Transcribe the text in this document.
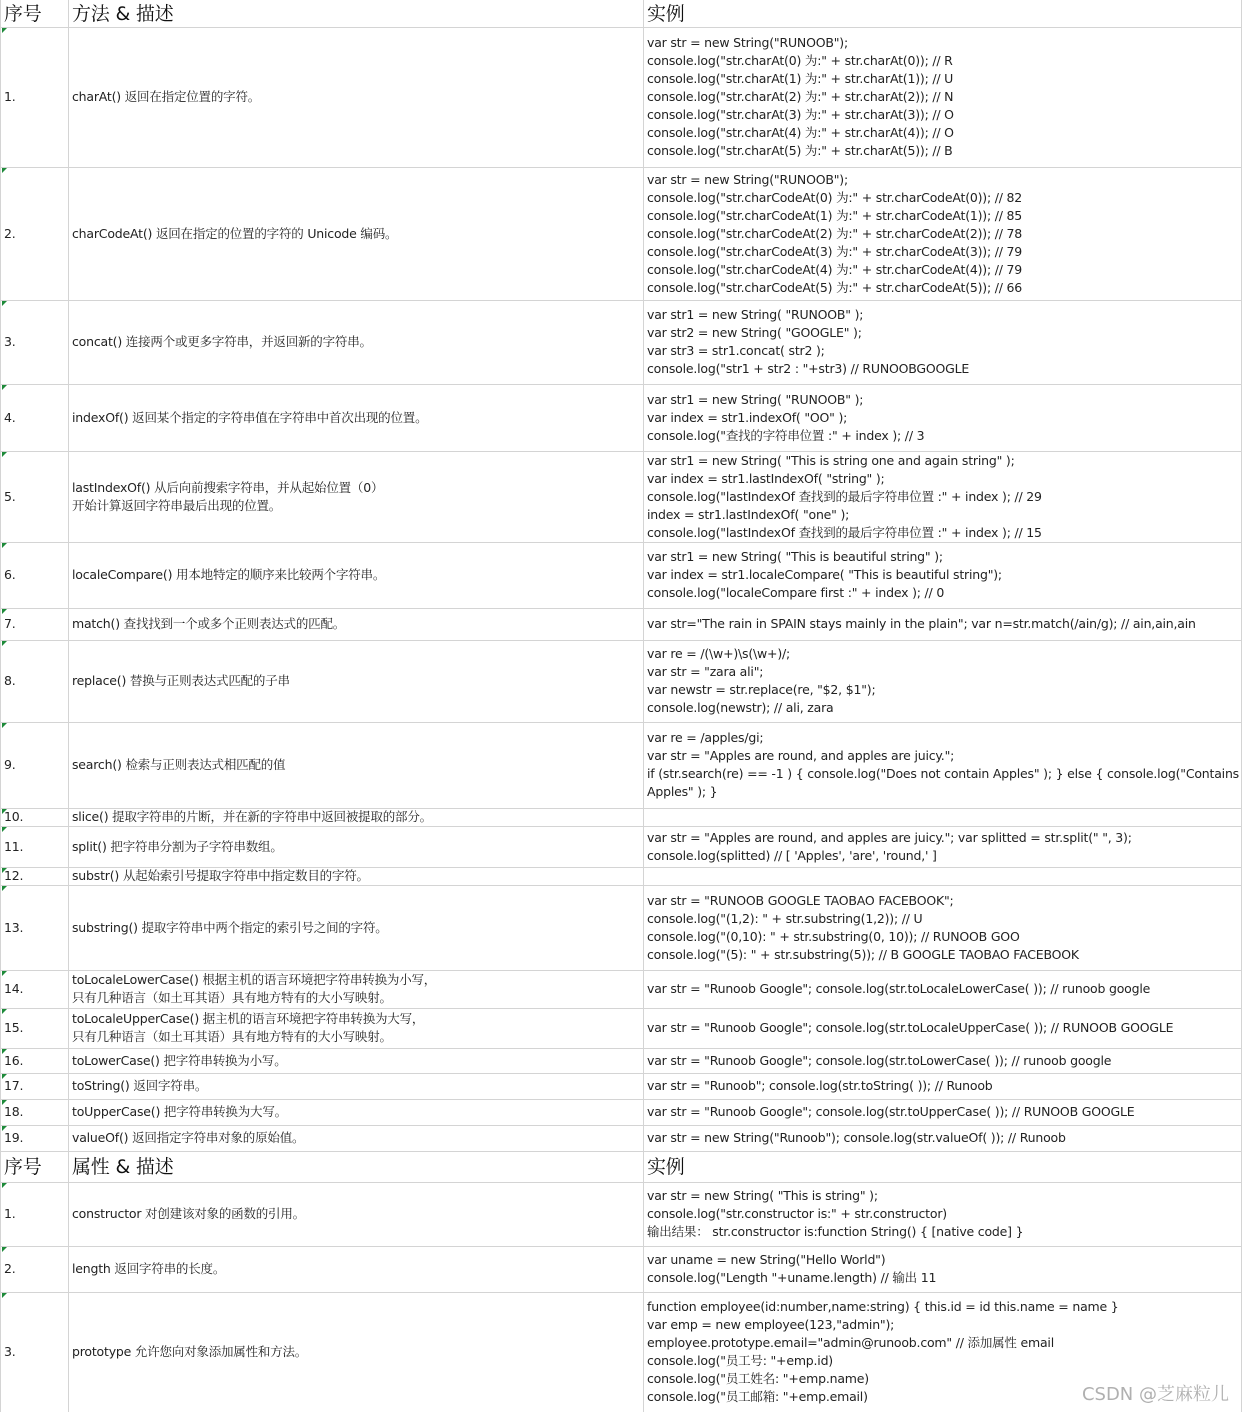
序号	方法 & 描述	实例
1.	charAt() 返回在指定位置的字符。
var str = new String("RUNOOB");
console.log("str.charAt(0) 为:" + str.charAt(0)); // R
console.log("str.charAt(1) 为:" + str.charAt(1)); // U
console.log("str.charAt(2) 为:" + str.charAt(2)); // N
console.log("str.charAt(3) 为:" + str.charAt(3)); // O
console.log("str.charAt(4) 为:" + str.charAt(4)); // O
console.log("str.charAt(5) 为:" + str.charAt(5)); // B
2.	charCodeAt() 返回在指定的位置的字符的 Unicode 编码。
var str = new String("RUNOOB");
console.log("str.charCodeAt(0) 为:" + str.charCodeAt(0)); // 82
console.log("str.charCodeAt(1) 为:" + str.charCodeAt(1)); // 85
console.log("str.charCodeAt(2) 为:" + str.charCodeAt(2)); // 78
console.log("str.charCodeAt(3) 为:" + str.charCodeAt(3)); // 79
console.log("str.charCodeAt(4) 为:" + str.charCodeAt(4)); // 79
console.log("str.charCodeAt(5) 为:" + str.charCodeAt(5)); // 66
3.	concat() 连接两个或更多字符串，并返回新的字符串。
var str1 = new String( "RUNOOB" );
var str2 = new String( "GOOGLE" );
var str3 = str1.concat( str2 );
console.log("str1 + str2 : "+str3) // RUNOOBGOOGLE
4.	indexOf() 返回某个指定的字符串值在字符串中首次出现的位置。
var str1 = new String( "RUNOOB" );
var index = str1.indexOf( "OO" );
console.log("查找的字符串位置 :" + index ); // 3
5.
lastIndexOf() 从后向前搜索字符串，并从起始位置（0）
开始计算返回字符串最后出现的位置。
var str1 = new String( "This is string one and again string" );
var index = str1.lastIndexOf( "string" );
console.log("lastIndexOf 查找到的最后字符串位置 :" + index ); // 29
index = str1.lastIndexOf( "one" );
console.log("lastIndexOf 查找到的最后字符串位置 :" + index ); // 15
6.	localeCompare() 用本地特定的顺序来比较两个字符串。
var str1 = new String( "This is beautiful string" );
var index = str1.localeCompare( "This is beautiful string");
console.log("localeCompare first :" + index ); // 0
7.	match() 查找找到一个或多个正则表达式的匹配。	var str="The rain in SPAIN stays mainly in the plain"; var n=str.match(/ain/g); // ain,ain,ain
8.	replace() 替换与正则表达式匹配的子串
var re = /(\w+)\s(\w+)/;
var str = "zara ali";
var newstr = str.replace(re, "$2, $1");
console.log(newstr); // ali, zara
9.	search() 检索与正则表达式相匹配的值
var re = /apples/gi;
var str = "Apples are round, and apples are juicy.";
if (str.search(re) == -1 ) { console.log("Does not contain Apples" ); } else { console.log("Contains Apples" ); }
10.	slice() 提取字符串的片断，并在新的字符串中返回被提取的部分。
11.	split() 把字符串分割为子字符串数组。
var str = "Apples are round, and apples are juicy."; var splitted = str.split(" ", 3);
console.log(splitted) // [ 'Apples', 'are', 'round,' ]
12.	substr() 从起始索引号提取字符串中指定数目的字符。
13.	substring() 提取字符串中两个指定的索引号之间的字符。
var str = "RUNOOB GOOGLE TAOBAO FACEBOOK";
console.log("(1,2): " + str.substring(1,2)); // U
console.log("(0,10): " + str.substring(0, 10)); // RUNOOB GOO
console.log("(5): " + str.substring(5)); // B GOOGLE TAOBAO FACEBOOK
14.
toLocaleLowerCase() 根据主机的语言环境把字符串转换为小写，
只有几种语言（如土耳其语）具有地方特有的大小写映射。
var str = "Runoob Google"; console.log(str.toLocaleLowerCase( )); // runoob google
15.
toLocaleUpperCase() 据主机的语言环境把字符串转换为大写，
只有几种语言（如土耳其语）具有地方特有的大小写映射。
var str = "Runoob Google"; console.log(str.toLocaleUpperCase( )); // RUNOOB GOOGLE
16.	toLowerCase() 把字符串转换为小写。	var str = "Runoob Google"; console.log(str.toLowerCase( )); // runoob google
17.	toString() 返回字符串。	var str = "Runoob"; console.log(str.toString( )); // Runoob
18.	toUpperCase() 把字符串转换为大写。	var str = "Runoob Google"; console.log(str.toUpperCase( )); // RUNOOB GOOGLE
19.	valueOf() 返回指定字符串对象的原始值。	var str = new String("Runoob"); console.log(str.valueOf( )); // Runoob
序号	属性 & 描述	实例
1.	constructor 对创建该对象的函数的引用。
var str = new String( "This is string" );
console.log("str.constructor is:" + str.constructor)
输出结果： str.constructor is:function String() { [native code] }
2.	length 返回字符串的长度。
var uname = new String("Hello World")
console.log("Length "+uname.length) // 输出 11
3.	prototype 允许您向对象添加属性和方法。
function employee(id:number,name:string) { this.id = id this.name = name }
var emp = new employee(123,"admin");
employee.prototype.email="admin@runoob.com" // 添加属性 email
console.log("员工号: "+emp.id)
console.log("员工姓名: "+emp.name)
console.log("员工邮箱: "+emp.email)	CSDN @芝麻粒儿
